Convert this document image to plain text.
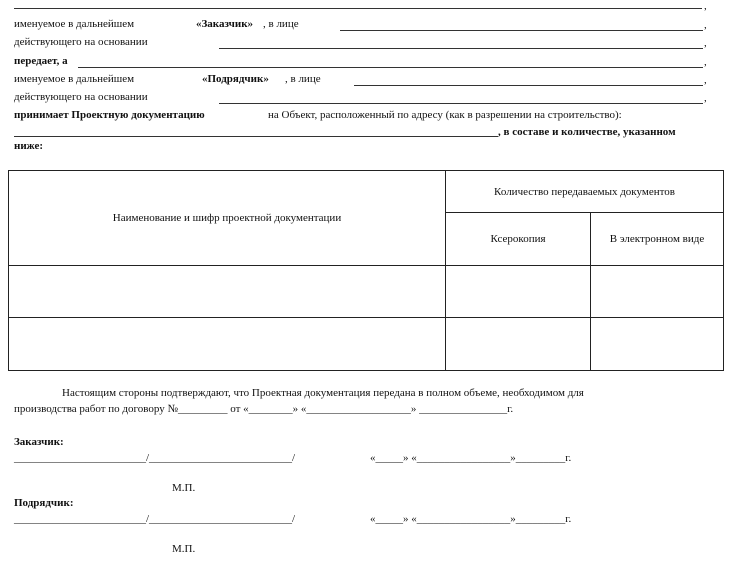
,
именуемое в дальнейшем	«Заказчик» , в лице	,
действующего на основании	,
передает, а	,
именуемое в дальнейшем	«Подрядчик» , в лице	,
действующего на основании	,
принимает Проектную документацию	на Объект, расположенный по адресу (как в разрешении на строительство):
, в составе и количестве, указанном
ниже:
Наименование и шифр проектной документации	Количество передаваемых документов	
	Ксерокопия	В электронном виде

Настоящим стороны подтверждают, что Проектная документация передана в полном объеме, необходимом для
производства работ по договору №_________ от «________» «___________________» ________________г.
Заказчик:
________________________/__________________________/	«_____» «_________________»_________г.
М.П.
Подрядчик:
________________________/__________________________/	«_____» «_________________»_________г.
М.П.
